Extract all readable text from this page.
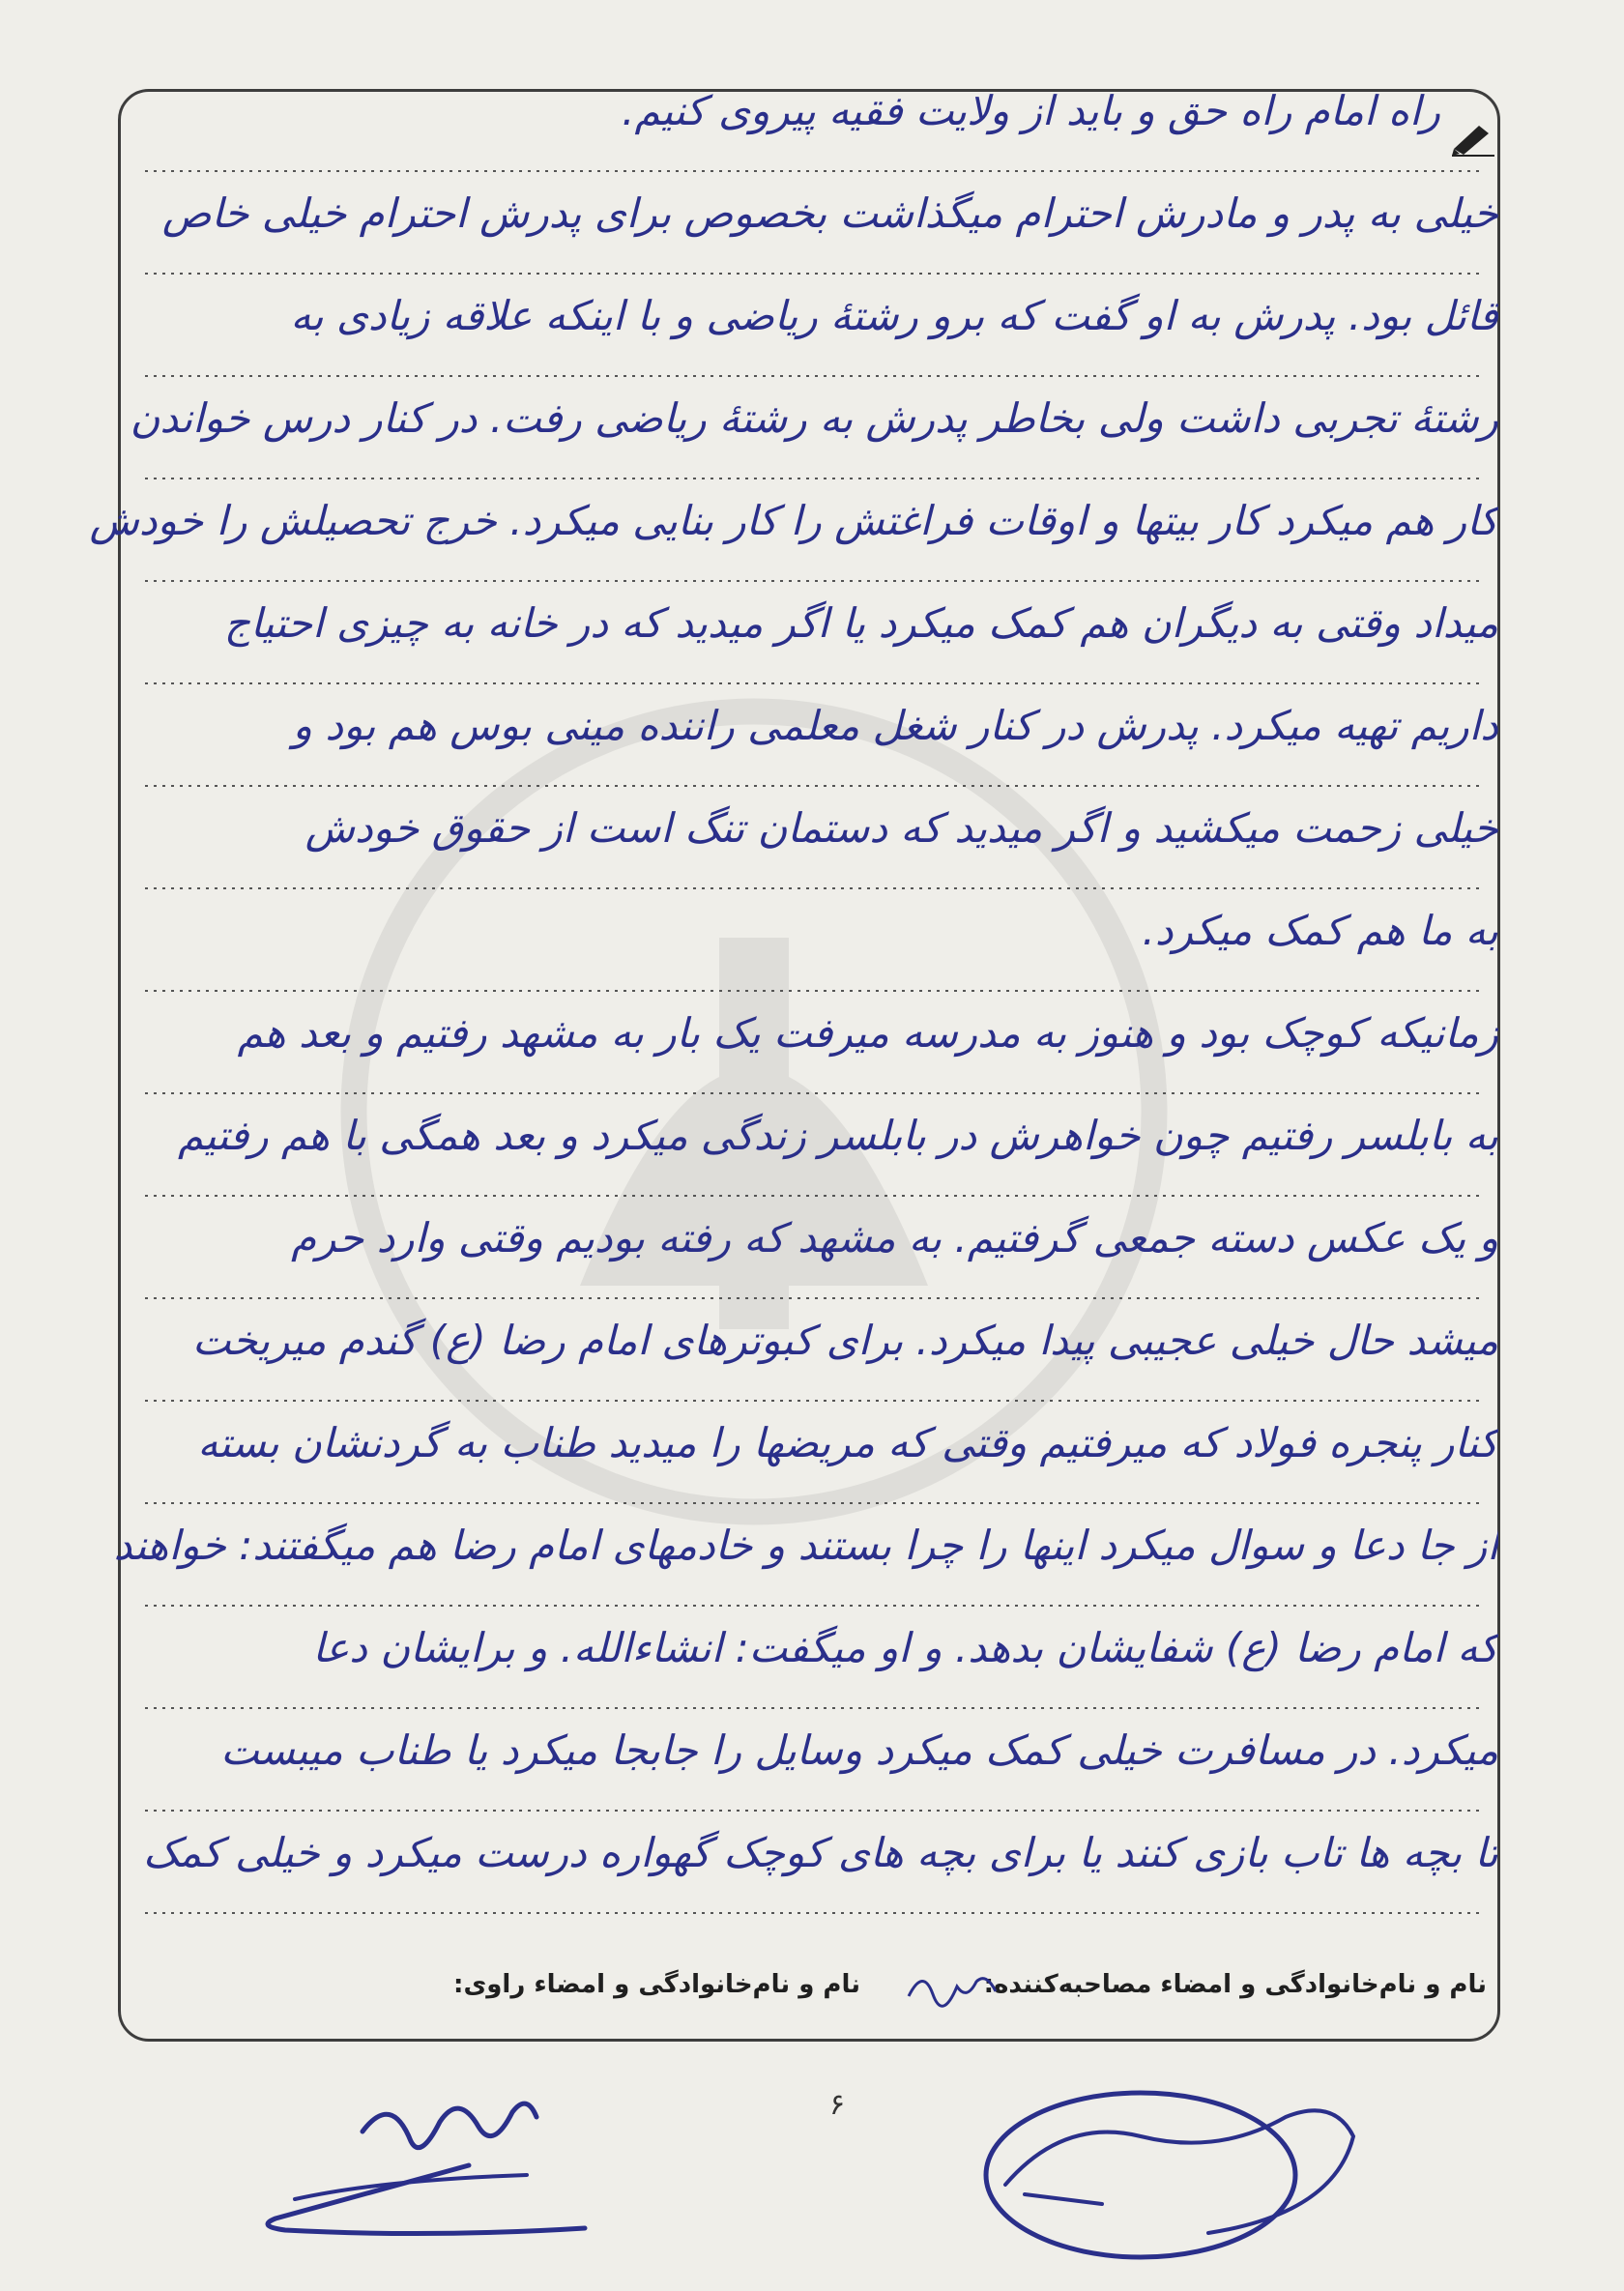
راه امام راه حق و باید از ولایت فقیه پیروی کنیم.
خیلی به پدر و مادرش احترام میگذاشت بخصوص برای پدرش احترام خیلی خاص
قائل بود. پدرش به او گفت که برو رشتهٔ ریاضی و با اینکه علاقه زیادی به
رشتهٔ تجربی داشت ولی بخاطر پدرش به رشتهٔ ریاضی رفت. در کنار درس خواندن
کار هم میکرد کار بیتها و اوقات فراغتش را کار بنایی میکرد. خرج تحصیلش را خودش
میداد وقتی به دیگران هم کمک میکرد یا اگر میدید که در خانه به چیزی احتیاج
داریم تهیه میکرد. پدرش در کنار شغل معلمی راننده مینی بوس هم بود و
خیلی زحمت میکشید و اگر میدید که دستمان تنگ است از حقوق خودش
به ما هم کمک میکرد.
زمانیکه کوچک بود و هنوز به مدرسه میرفت یک بار به مشهد رفتیم و بعد هم
به بابلسر رفتیم چون خواهرش در بابلسر زندگی میکرد و بعد همگی با هم رفتیم
و یک عکس دسته جمعی گرفتیم. به مشهد که رفته بودیم وقتی وارد حرم
میشد حال خیلی عجیبی پیدا میکرد. برای کبوترهای امام رضا (ع) گندم میریخت
کنار پنجره فولاد که میرفتیم وقتی که مریضها را میدید طناب به گردنشان بسته
از جا دعا و سوال میکرد اینها را چرا بستند و خادمهای امام رضا هم میگفتند: خواهند
که امام رضا (ع) شفایشان بدهد. و او میگفت: انشاءالله. و برایشان دعا
میکرد. در مسافرت خیلی کمک میکرد وسایل را جابجا میکرد یا طناب میبست
تا بچه ها تاب بازی کنند یا برای بچه های کوچک گهواره درست میکرد و خیلی کمک
نام و نام‌خانوادگی و امضاء مصاحبه‌کننده:
نام و نام‌خانوادگی و امضاء راوی:
۶
